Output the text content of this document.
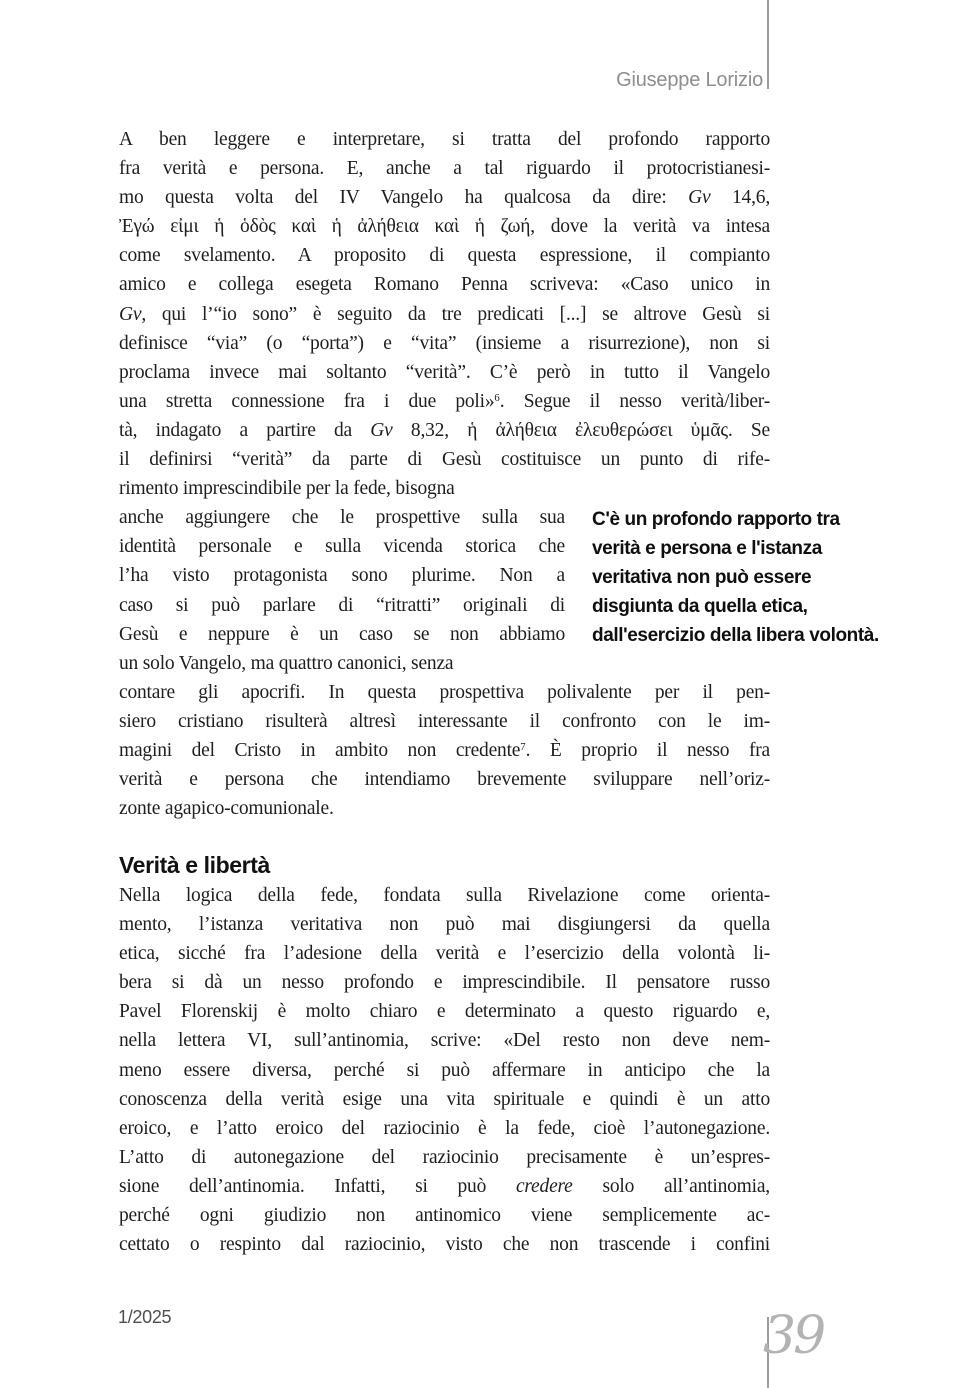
Giuseppe Lorizio
A ben leggere e interpretare, si tratta del profondo rapporto
fra verità e persona. E, anche a tal riguardo il protocristianesi-
mo questa volta del IV Vangelo ha qualcosa da dire: Gv 14,6,
Ἐγώ εἰμι ἡ ὁδὸς καὶ ἡ ἀλήθεια καὶ ἡ ζωή, dove la verità va intesa
come svelamento. A proposito di questa espressione, il compianto
amico e collega esegeta Romano Penna scriveva: «Caso unico in
Gv, qui l’“io sono” è seguito da tre predicati [...] se altrove Gesù si
definisce “via” (o “porta”) e “vita” (insieme a risurrezione), non si
proclama invece mai soltanto “verità”. C’è però in tutto il Vangelo
una stretta connessione fra i due poli»$^6$. Segue il nesso verità/liber-
tà, indagato a partire da Gv 8,32, ἡ ἀλήθεια ἐλευθερώσει ὑμᾶς. Se
il definirsi “verità” da parte di Gesù costituisce un punto di rife-
rimento imprescindibile per la fede, bisogna
anche aggiungere che le prospettive sulla sua
identità personale e sulla vicenda storica che
l’ha visto protagonista sono plurime. Non a
caso si può parlare di “ritratti” originali di
Gesù e neppure è un caso se non abbiamo
un solo Vangelo, ma quattro canonici, senza
contare gli apocrifi. In questa prospettiva polivalente per il pen-
siero cristiano risulterà altresì interessante il confronto con le im-
magini del Cristo in ambito non credente$^7$. È proprio il nesso fra
verità e persona che intendiamo brevemente sviluppare nell’oriz-
zonte agapico-comunionale.
C'è un profondo rapporto tra
verità e persona e l'istanza
veritativa non può essere
disgiunta da quella etica,
dall'esercizio della libera volontà.
Verità e libertà
Nella logica della fede, fondata sulla Rivelazione come orienta-
mento, l’istanza veritativa non può mai disgiungersi da quella
etica, sicché fra l’adesione della verità e l’esercizio della volontà li-
bera si dà un nesso profondo e imprescindibile. Il pensatore russo
Pavel Florenskij è molto chiaro e determinato a questo riguardo e,
nella lettera VI, sull’antinomia, scrive: «Del resto non deve nem-
meno essere diversa, perché si può affermare in anticipo che la
conoscenza della verità esige una vita spirituale e quindi è un atto
eroico, e l’atto eroico del raziocinio è la fede, cioè l’autonegazione.
L’atto di autonegazione del raziocinio precisamente è un’espres-
sione dell’antinomia. Infatti, si può credere solo all’antinomia,
perché ogni giudizio non antinomico viene semplicemente ac-
cettato o respinto dal raziocinio, visto che non trascende i confini
1/2025	39
